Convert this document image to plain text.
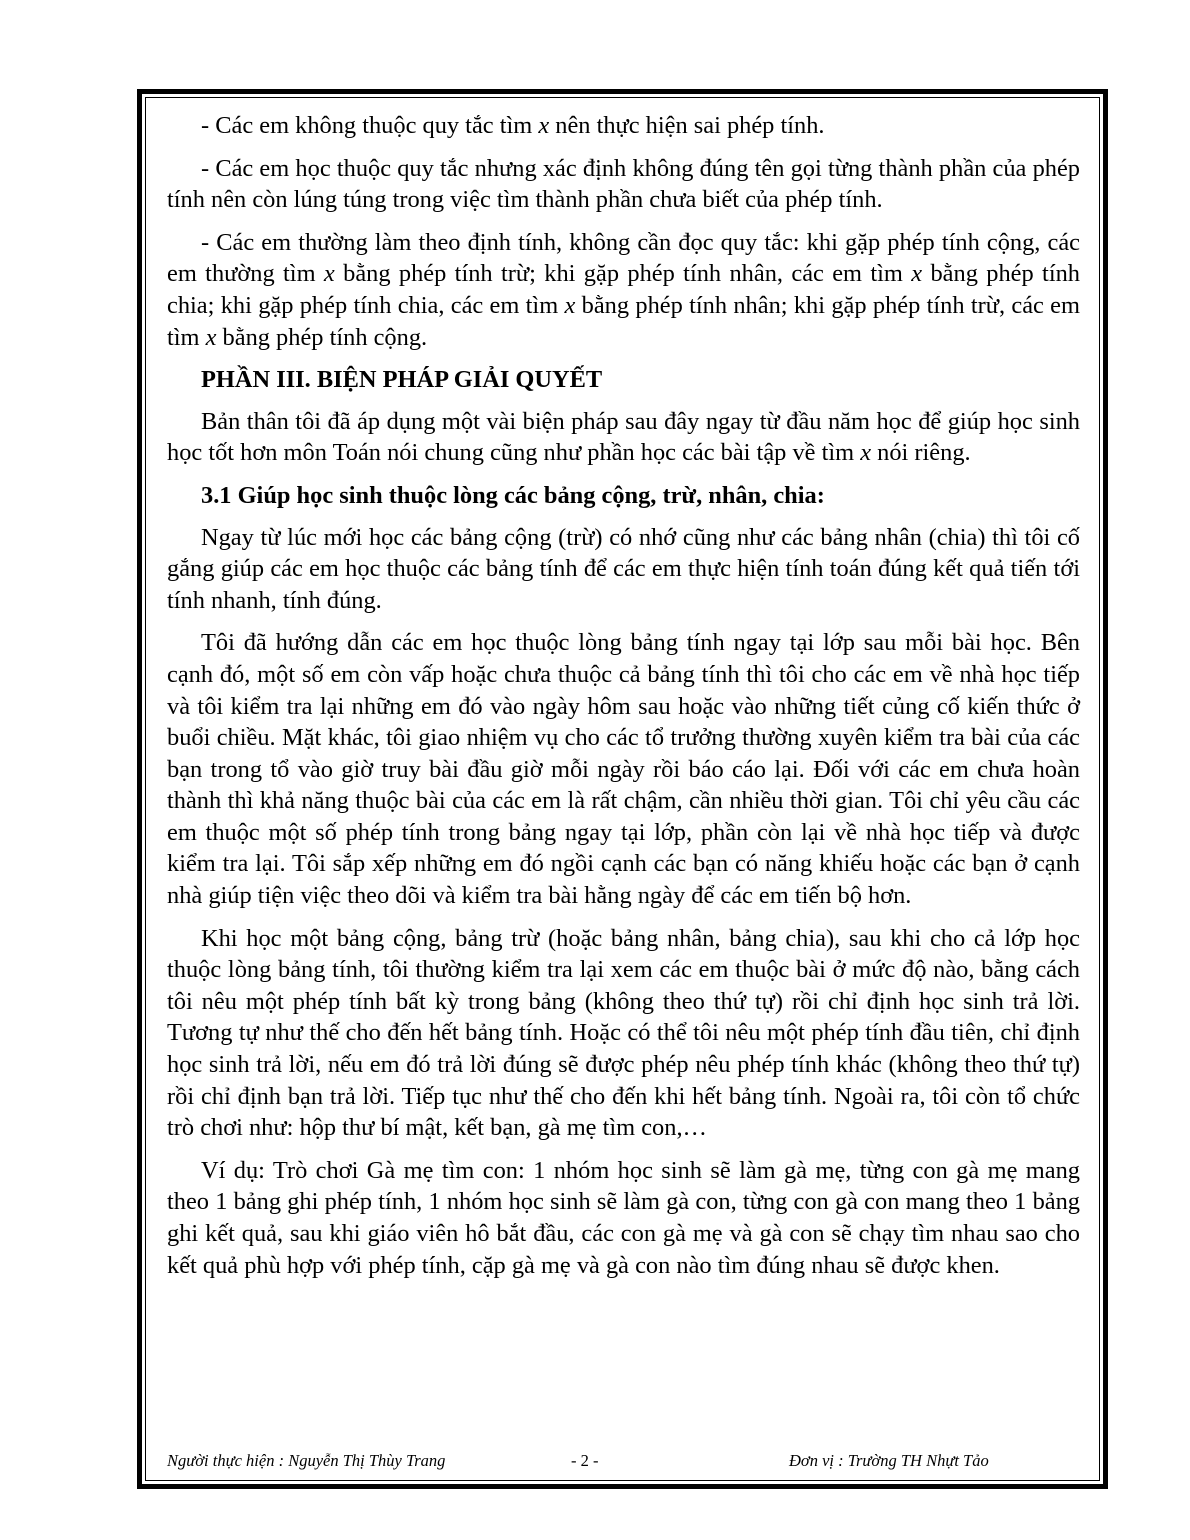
- Các em không thuộc quy tắc tìm x nên thực hiện sai phép tính.

- Các em học thuộc quy tắc nhưng xác định không đúng tên gọi từng thành phần của phép tính nên còn lúng túng trong việc tìm thành phần chưa biết của phép tính.

- Các em thường làm theo định tính, không cần đọc quy tắc: khi gặp phép tính cộng, các em thường tìm x bằng phép tính trừ; khi gặp phép tính nhân, các em tìm x bằng phép tính chia; khi gặp phép tính chia, các em tìm x bằng phép tính nhân; khi gặp phép tính trừ, các em tìm x bằng phép tính cộng.

PHẦN III. BIỆN PHÁP GIẢI QUYẾT

Bản thân tôi đã áp dụng một vài biện pháp sau đây ngay từ đầu năm học để giúp học sinh học tốt hơn môn Toán nói chung cũng như phần học các bài tập về tìm x nói riêng.

3.1 Giúp học sinh thuộc lòng các bảng cộng, trừ, nhân, chia:

Ngay từ lúc mới học các bảng cộng (trừ) có nhớ cũng như các bảng nhân (chia) thì tôi cố gắng giúp các em học thuộc các bảng tính để các em thực hiện tính toán đúng kết quả tiến tới tính nhanh, tính đúng.

Tôi đã hướng dẫn các em học thuộc lòng bảng tính ngay tại lớp sau mỗi bài học. Bên cạnh đó, một số em còn vấp hoặc chưa thuộc cả bảng tính thì tôi cho các em về nhà học tiếp và tôi kiểm tra lại những em đó vào ngày hôm sau hoặc vào những tiết củng cố kiến thức ở buổi chiều. Mặt khác, tôi giao nhiệm vụ cho các tổ trưởng thường xuyên kiểm tra bài của các bạn trong tổ vào giờ truy bài đầu giờ mỗi ngày rồi báo cáo lại. Đối với các em chưa hoàn thành thì khả năng thuộc bài của các em là rất chậm, cần nhiều thời gian. Tôi chỉ yêu cầu các em thuộc một số phép tính trong bảng ngay tại lớp, phần còn lại về nhà học tiếp và được kiểm tra lại. Tôi sắp xếp những em đó ngồi cạnh các bạn có năng khiếu hoặc các bạn ở cạnh nhà giúp tiện việc theo dõi và kiểm tra bài hằng ngày để các em tiến bộ hơn.

Khi học một bảng cộng, bảng trừ (hoặc bảng nhân, bảng chia), sau khi cho cả lớp học thuộc lòng bảng tính, tôi thường kiểm tra lại xem các em thuộc bài ở mức độ nào, bằng cách tôi nêu một phép tính bất kỳ trong bảng (không theo thứ tự) rồi chỉ định học sinh trả lời. Tương tự như thế cho đến hết bảng tính. Hoặc có thể tôi nêu một phép tính đầu tiên, chỉ định học sinh trả lời, nếu em đó trả lời đúng sẽ được phép nêu phép tính khác (không theo thứ tự) rồi chỉ định bạn trả lời. Tiếp tục như thế cho đến khi hết bảng tính. Ngoài ra, tôi còn tổ chức trò chơi như: hộp thư bí mật, kết bạn, gà mẹ tìm con,…

Ví dụ: Trò chơi Gà mẹ tìm con: 1 nhóm học sinh sẽ làm gà mẹ, từng con gà mẹ mang theo 1 bảng ghi phép tính, 1 nhóm học sinh sẽ làm gà con, từng con gà con mang theo 1 bảng ghi kết quả, sau khi giáo viên hô bắt đầu, các con gà mẹ và gà con sẽ chạy tìm nhau sao cho kết quả phù hợp với phép tính, cặp gà mẹ và gà con nào tìm đúng nhau sẽ được khen.

Người thực hiện : Nguyễn Thị Thùy Trang	- 2 -	Đơn vị : Trường TH Nhựt Tảo
